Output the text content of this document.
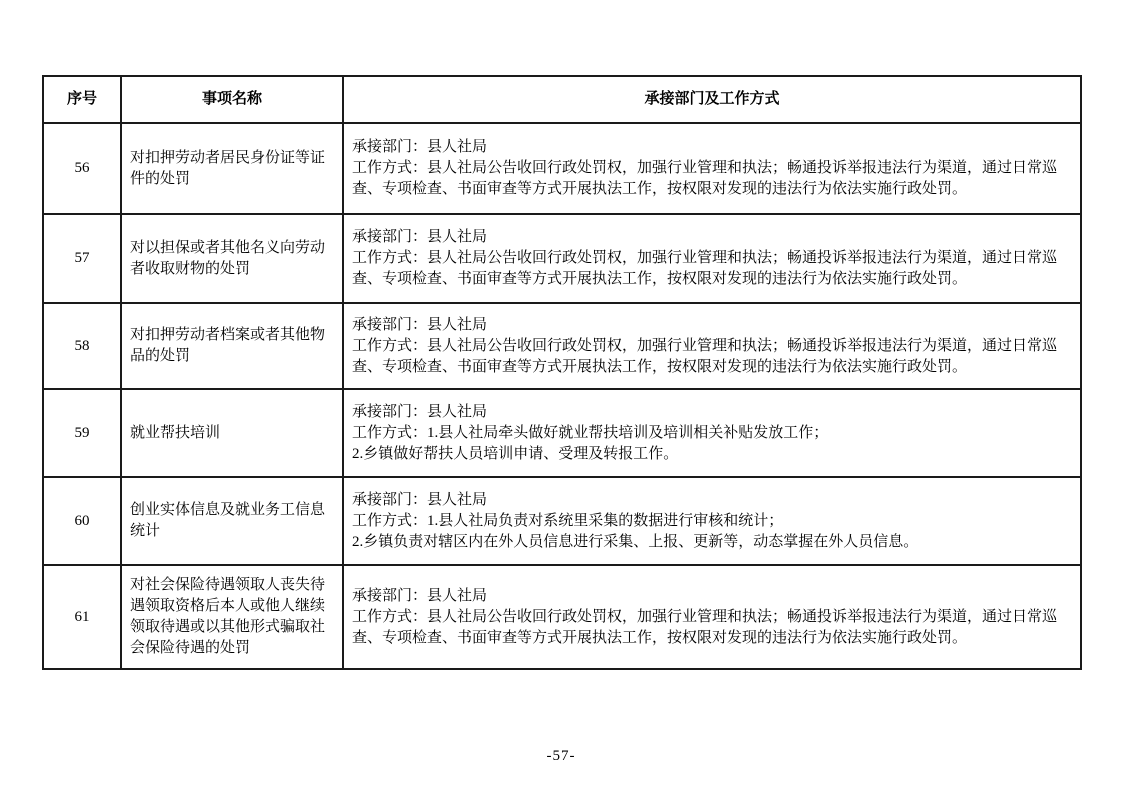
序号	事项名称	承接部门及工作方式
56	对扣押劳动者居民身份证等证件的处罚	承接部门：县人社局
工作方式：县人社局公告收回行政处罚权，加强行业管理和执法；畅通投诉举报违法行为渠道，通过日常巡查、专项检查、书面审查等方式开展执法工作，按权限对发现的违法行为依法实施行政处罚。

57	对以担保或者其他名义向劳动者收取财物的处罚	承接部门：县人社局
工作方式：县人社局公告收回行政处罚权，加强行业管理和执法；畅通投诉举报违法行为渠道，通过日常巡查、专项检查、书面审查等方式开展执法工作，按权限对发现的违法行为依法实施行政处罚。

58	对扣押劳动者档案或者其他物品的处罚	承接部门：县人社局
工作方式：县人社局公告收回行政处罚权，加强行业管理和执法；畅通投诉举报违法行为渠道，通过日常巡查、专项检查、书面审查等方式开展执法工作，按权限对发现的违法行为依法实施行政处罚。

59	就业帮扶培训	承接部门：县人社局
工作方式：1.县人社局牵头做好就业帮扶培训及培训相关补贴发放工作；
2.乡镇做好帮扶人员培训申请、受理及转报工作。

60	创业实体信息及就业务工信息统计	承接部门：县人社局
工作方式：1.县人社局负责对系统里采集的数据进行审核和统计；
2.乡镇负责对辖区内在外人员信息进行采集、上报、更新等，动态掌握在外人员信息。

61	对社会保险待遇领取人丧失待遇领取资格后本人或他人继续领取待遇或以其他形式骗取社会保险待遇的处罚	承接部门：县人社局
工作方式：县人社局公告收回行政处罚权，加强行业管理和执法；畅通投诉举报违法行为渠道，通过日常巡查、专项检查、书面审查等方式开展执法工作，按权限对发现的违法行为依法实施行政处罚。
-57-
